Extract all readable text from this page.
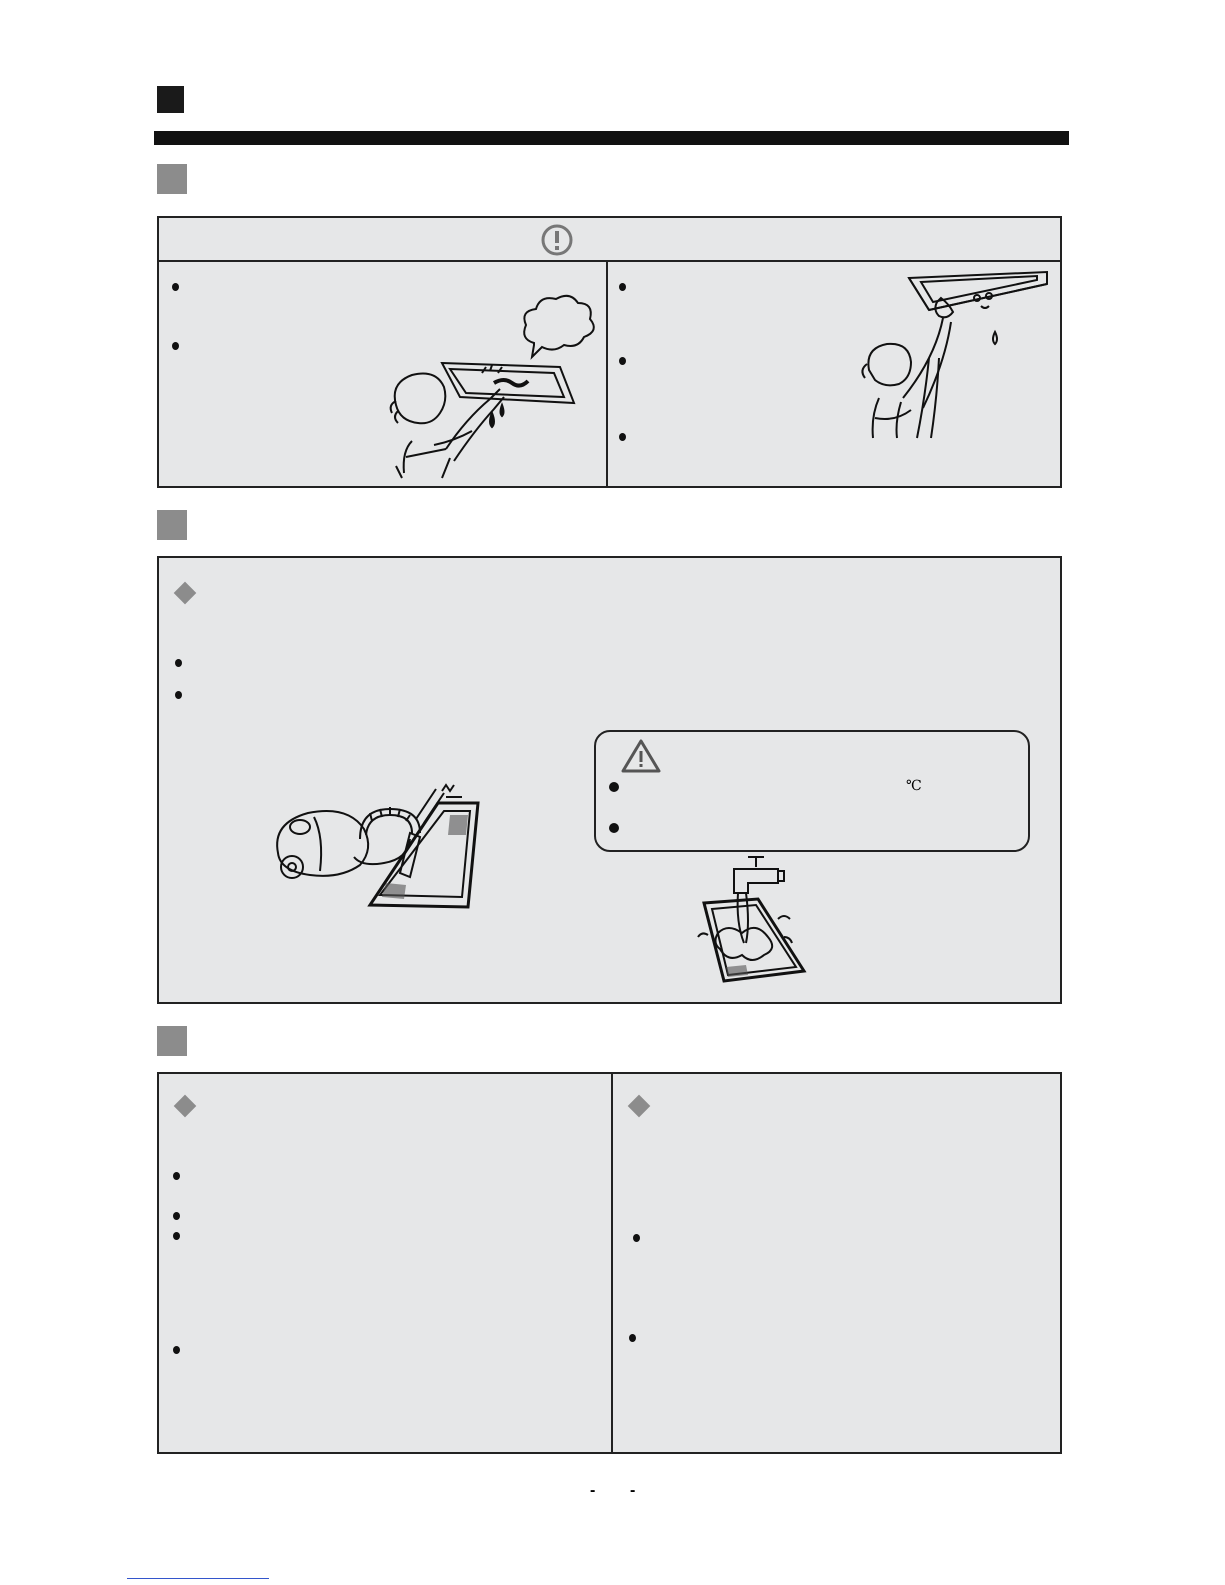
℃
- -
